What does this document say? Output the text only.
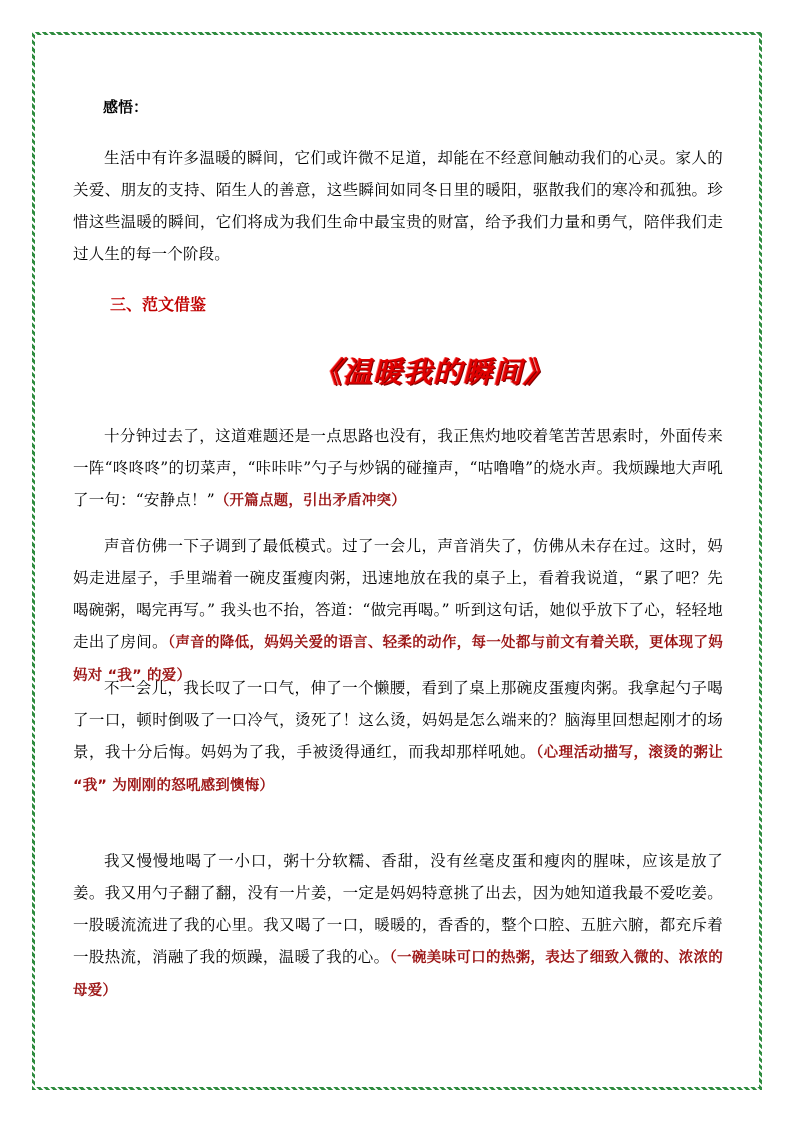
感悟：

生活中有许多温暖的瞬间，它们或许微不足道，却能在不经意间触动我们的心灵。家人的关爱、朋友的支持、陌生人的善意，这些瞬间如同冬日里的暖阳，驱散我们的寒冷和孤独。珍惜这些温暖的瞬间，它们将成为我们生命中最宝贵的财富，给予我们力量和勇气，陪伴我们走过人生的每一个阶段。

三、范文借鉴
《温暖我的瞬间》

十分钟过去了，这道难题还是一点思路也没有，我正焦灼地咬着笔苦苦思索时，外面传来一阵“咚咚咚”的切菜声，“咔咔咔”勺子与炒锅的碰撞声，“咕噜噜”的烧水声。我烦躁地大声吼了一句：“安静点！”（开篇点题，引出矛盾冲突）

声音仿佛一下子调到了最低模式。过了一会儿，声音消失了，仿佛从未存在过。这时，妈妈走进屋子，手里端着一碗皮蛋瘦肉粥，迅速地放在我的桌子上，看着我说道，“累了吧？先喝碗粥，喝完再写。” 我头也不抬，答道：“做完再喝。” 听到这句话，她似乎放下了心，轻轻地走出了房间。（声音的降低，妈妈关爱的语言、轻柔的动作，每一处都与前文有着关联，更体现了妈妈对 “我” 的爱）

不一会儿，我长叹了一口气，伸了一个懒腰，看到了桌上那碗皮蛋瘦肉粥。我拿起勺子喝了一口，顿时倒吸了一口冷气，烫死了！这么烫，妈妈是怎么端来的？脑海里回想起刚才的场景，我十分后悔。妈妈为了我，手被烫得通红，而我却那样吼她。（心理活动描写，滚烫的粥让 “我” 为刚刚的怒吼感到懊悔）

我又慢慢地喝了一小口，粥十分软糯、香甜，没有丝毫皮蛋和瘦肉的腥味，应该是放了姜。我又用勺子翻了翻，没有一片姜，一定是妈妈特意挑了出去，因为她知道我最不爱吃姜。一股暖流流进了我的心里。我又喝了一口，暖暖的，香香的，整个口腔、五脏六腑，都充斥着一股热流，消融了我的烦躁，温暖了我的心。（一碗美味可口的热粥，表达了细致入微的、浓浓的母爱）
